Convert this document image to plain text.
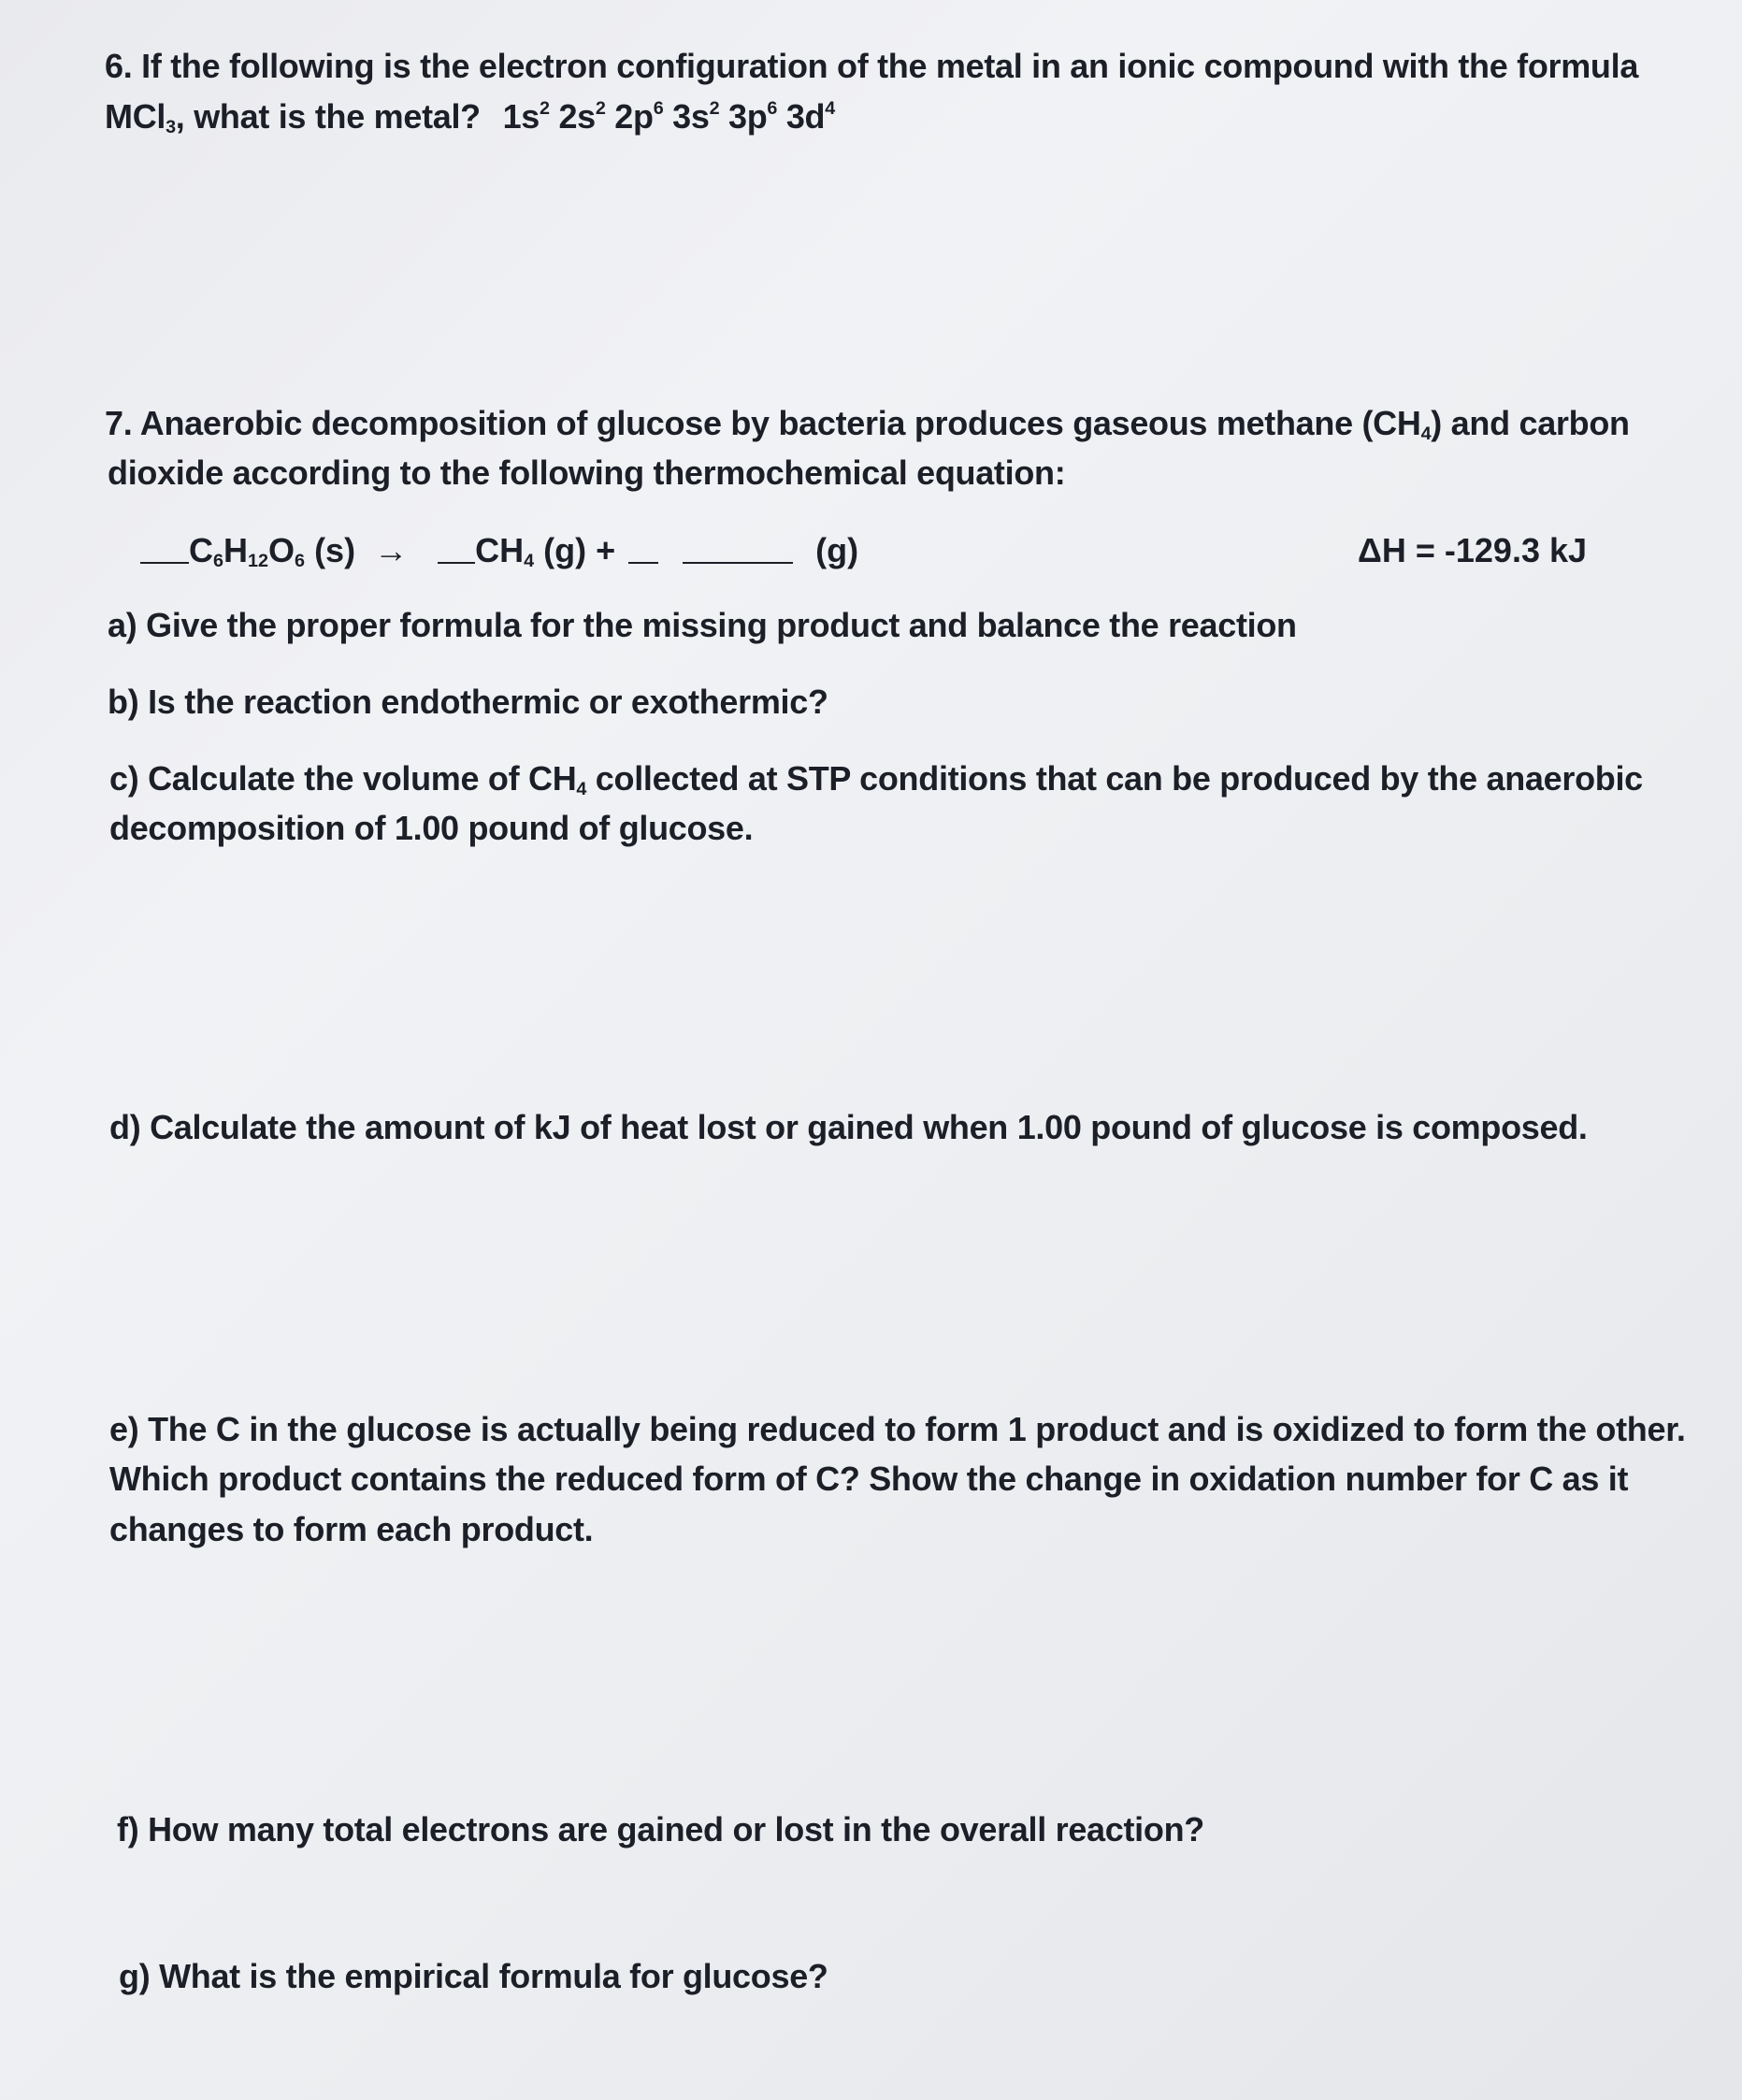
6. If the following is the electron configuration of the metal in an ionic compound with the formula
MCl$_3$, what is the metal? $1s^2$ $2s^2$ $2p^6$ $3s^2$ $3p^6$ $3d^4$
7. Anaerobic decomposition of glucose by bacteria produces gaseous methane $(CH_4)$ and carbon
dioxide according to the following thermochemical equation:
$C_6H_{12}O_6$ $(s) \to CH_4$ (g) +	(g)	ΔH = -129.3 kJ
a) Give the proper formula for the missing product and balance the reaction
b) Is the reaction endothermic or exothermic?
c) Calculate the volume of $CH_4$ collected at STP conditions that can be produced by the anaerobic
decomposition of 1.00 pound of glucose.
d) Calculate the amount of kJ of heat lost or gained when 1.00 pound of glucose is composed.
e) The C in the glucose is actually being reduced to form 1 product and is oxidized to form the other.
Which product contains the reduced form of C? Show the change in oxidation number for C as it
changes to form each product.
f) How many total electrons are gained or lost in the overall reaction?
g) What is the empirical formula for glucose?
